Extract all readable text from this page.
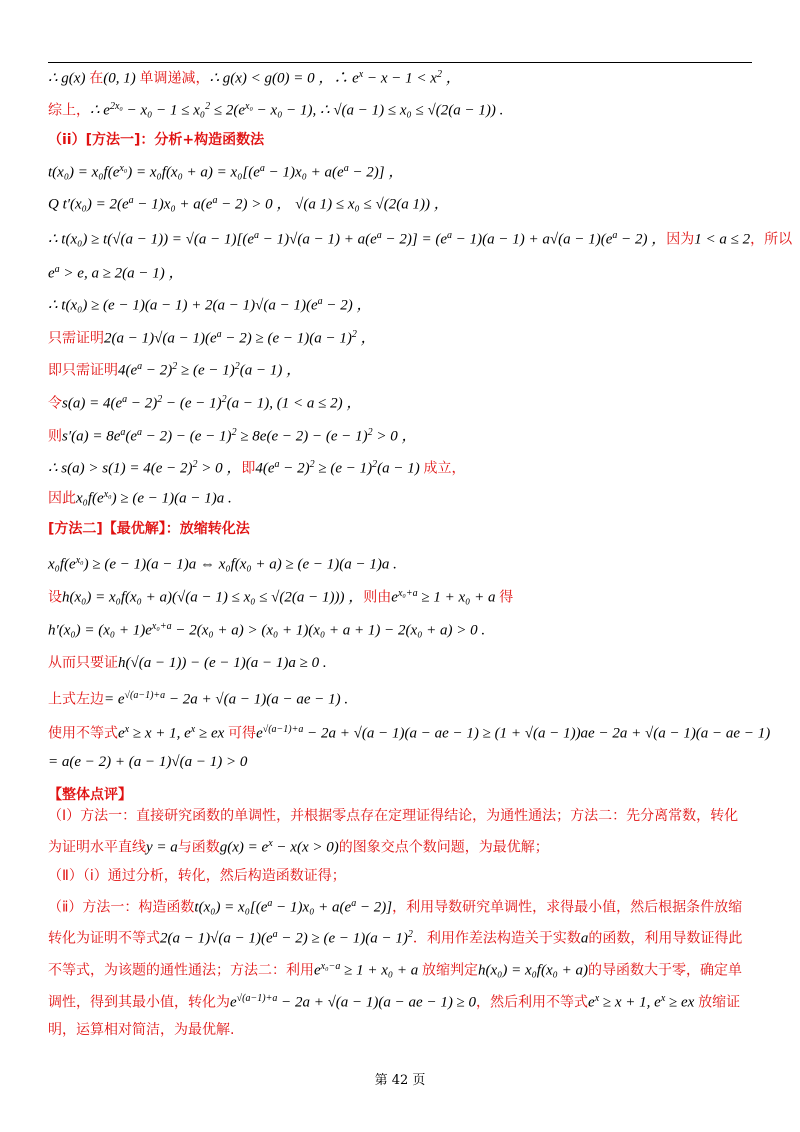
∴ g(x) 在(0, 1) 单调递减，∴ g(x) < g(0) = 0 ，∴ $e^x - x - 1 < x^2$ ，
综上，∴ $e^{2x_0} - x_0 - 1 \le x_0^2 \le 2(e^{x_0} - x_0 - 1)$, ∴ √(a − 1) ≤ x₀ ≤ √(2(a − 1)) .
（ii）[方法一]：分析+构造函数法
$t(x_0) = x_0f(e^{x_0}) = x_0f(x_0 + a) = x_0[(e^a - 1)x_0 + a(e^a - 2)]$ ，
Q $t'(x_0) = 2(e^a - 1)x_0 + a(e^a - 2) > 0$ ， √(a 1) ≤ x₀ ≤ √(2(a 1)) ，
∴ $t(x_0) \ge t(√(a - 1)) = √(a - 1)[(e^a - 1)√(a - 1) + a(e^a - 2)] = (e^a - 1)(a - 1) + a√(a - 1)(e^a - 2)$ ，因为1 < a ≤ 2，所以
$e^a > e$, a ≥ 2(a − 1) ，
∴ $t(x_0) \ge (e - 1)(a - 1) + 2(a - 1)√(a - 1)(e^a - 2)$ ，
只需证明$2(a - 1)√(a - 1)(e^a - 2) \ge (e - 1)(a - 1)^2$ ，
即只需证明$4(e^a - 2)^2 \ge (e - 1)^2(a - 1)$ ，
令$s(a) = 4(e^a - 2)^2 - (e - 1)^2(a - 1)$, (1 < a ≤ 2) ，
则$s'(a) = 8e^a(e^a - 2) - (e - 1)^2 \ge 8e(e - 2) - (e - 1)^2 > 0$ ，
∴ $s(a) > s(1) = 4(e - 2)^2 > 0$ ，即$4(e^a - 2)^2 \ge (e - 1)^2(a - 1)$ 成立，
因此$x_0f(e^{x_0}) \ge (e - 1)(a - 1)a$ .
[方法二]【最优解】：放缩转化法
$x_0f(e^{x_0}) \ge (e - 1)(a - 1)a$ ⇔ x₀f(x₀ + a) ≥ (e − 1)(a − 1)a .
设h(x₀) = x₀f(x₀ + a)(√(a − 1) ≤ x₀ ≤ √(2(a − 1))) ，则由$e^{x_0+a} \ge 1 + x_0 + a$ 得
$h'(x_0) = (x_0 + 1)e^{x_0+a} - 2(x_0 + a) > (x_0 + 1)(x_0 + a + 1) - 2(x_0 + a) > 0$ .
从而只要证h(√(a − 1)) − (e − 1)(a − 1)a ≥ 0 .
上式左边= $e^{√(a-1)+a} - 2a + √(a - 1)(a$ − ae − 1) .
使用不等式$e^x \ge x + 1$, $e^x$ ≥ ex 可得$e^{√(a-1)+a} - 2a + √(a - 1)(a$ − ae − 1) ≥ (1 + √(a − 1))ae − 2a + √(a − 1)(a − ae − 1)
= a(e − 2) + (a − 1)√(a − 1) > 0
【整体点评】
（Ⅰ）方法一：直接研究函数的单调性，并根据零点存在定理证得结论，为通性通法；方法二：先分离常数，转化为证明水平直线y = a与函数$g(x) = e^x - x(x > 0)$的图象交点个数问题，为最优解；
（Ⅱ）（ⅰ）通过分析，转化，然后构造函数证得；
（ⅱ）方法一：构造函数$t(x_0) = x_0[(e^a - 1)x_0 + a(e^a - 2)]$，利用导数研究单调性，求得最小值，然后根据条件放缩转化为证明不等式$2(a - 1)√(a - 1)(e^a - 2) \ge (e - 1)(a - 1)^2$．利用作差法构造关于实数a的函数，利用导数证得此不等式，为该题的通性通法；方法二：利用$e^{x_0-a} \ge 1 + x_0 + a$ 放缩判定h(x₀) = x₀f(x₀ + a)的导函数大于零，确定单调性，得到其最小值，转化为$e^{√(a-1)+a} - 2a + √(a - 1)(a$ − ae − 1) ≥ 0，然后利用不等式$e^x \ge x + 1$, $e^x$ ≥ ex 放缩证明，运算相对简洁，为最优解.
第 42 页
